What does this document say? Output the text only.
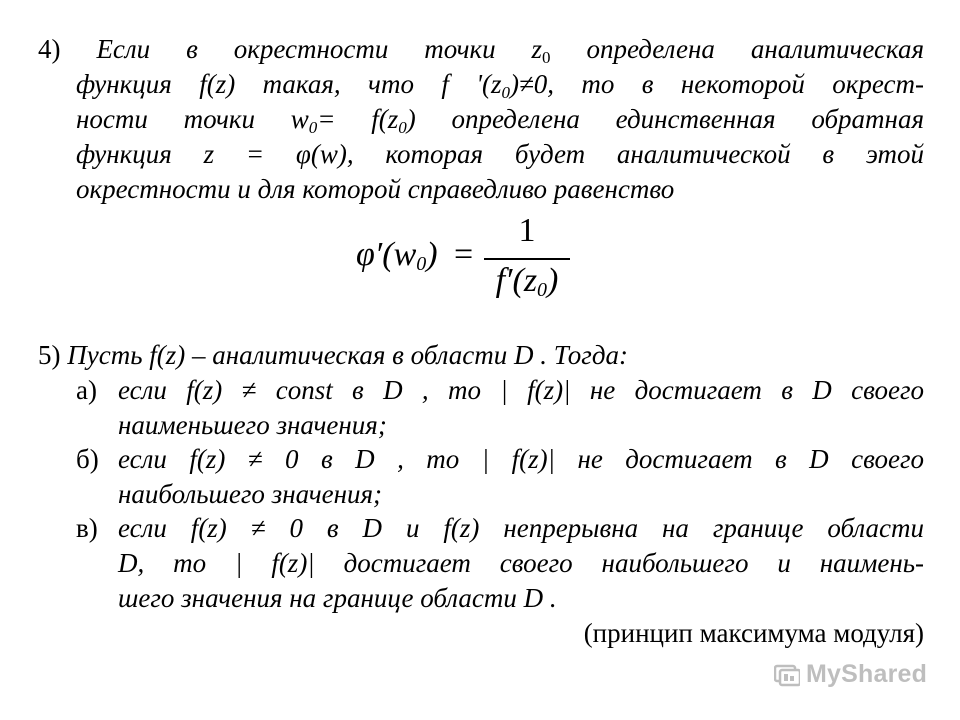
4) Если в окрестности точки $z_0$ определена аналитическая
функция f(z) такая, что f '$(z_0)\ne 0$, то в некоторой окрест-
ности точки $w_0= f(z_0)$ определена единственная обратная
функция z = φ(w), которая будет аналитической в этой
окрестности и для которой справедливо равенство
$\varphi'(w_0)$ =
1
$f'(z_0)$
5) Пусть f(z) – аналитическая в области D . Тогда:
а) если f(z) ≠ const в D , то | f(z)| не достигает в D своего
наименьшего значения;
б) если f(z) ≠ 0 в D , то | f(z)| не достигает в D своего
наибольшего значения;
в) если f(z) ≠ 0 в D и f(z) непрерывна на границе области
D, то | f(z)| достигает своего наибольшего и наимень-
шего значения на границе области D .
(принцип максимума модуля)
MyShared
